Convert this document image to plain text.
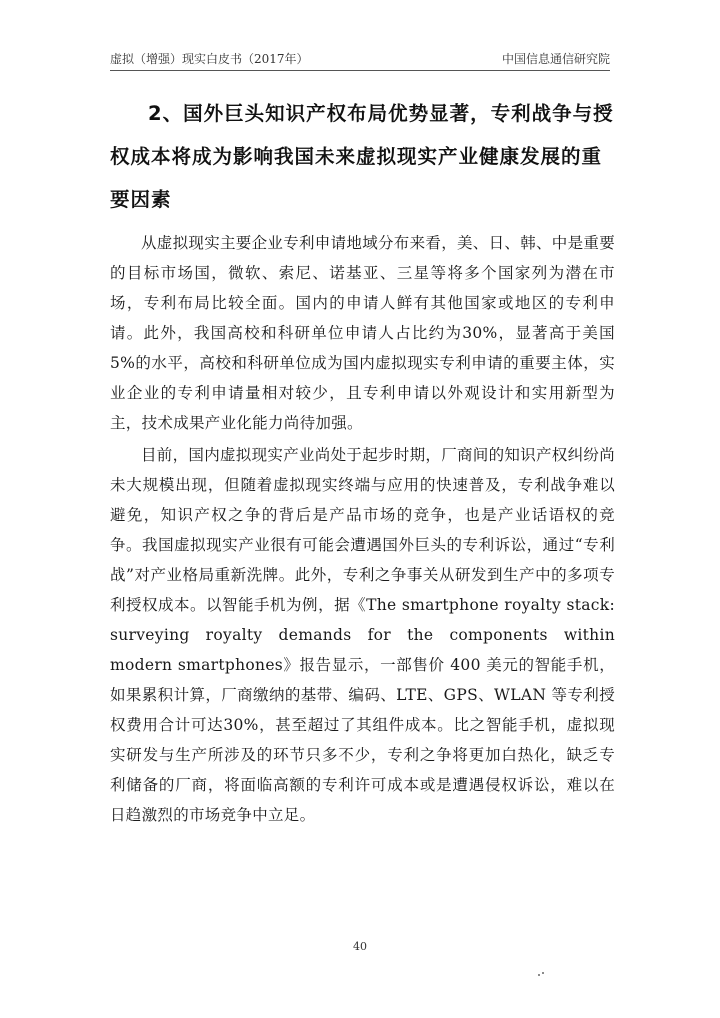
虚拟（增强）现实白皮书（2017年）	中国信息通信研究院
2、国外巨头知识产权布局优势显著，专利战争与授权成本将成为影响我国未来虚拟现实产业健康发展的重要因素

从虚拟现实主要企业专利申请地域分布来看，美、日、韩、中是重要的目标市场国，微软、索尼、诺基亚、三星等将多个国家列为潜在市场，专利布局比较全面。国内的申请人鲜有其他国家或地区的专利申请。此外，我国高校和科研单位申请人占比约为30%，显著高于美国 5%的水平，高校和科研单位成为国内虚拟现实专利申请的重要主体，实业企业的专利申请量相对较少，且专利申请以外观设计和实用新型为主，技术成果产业化能力尚待加强。

目前，国内虚拟现实产业尚处于起步时期，厂商间的知识产权纠纷尚未大规模出现，但随着虚拟现实终端与应用的快速普及，专利战争难以避免，知识产权之争的背后是产品市场的竞争，也是产业话语权的竞争。我国虚拟现实产业很有可能会遭遇国外巨头的专利诉讼，通过“专利战”对产业格局重新洗牌。此外，专利之争事关从研发到生产中的多项专利授权成本。以智能手机为例，据《The smartphone royalty stack: surveying royalty demands for the components within modern smartphones》报告显示，一部售价 400 美元的智能手机，如果累积计算，厂商缴纳的基带、编码、LTE、GPS、WLAN 等专利授权费用合计可达30%，甚至超过了其组件成本。比之智能手机，虚拟现实研发与生产所涉及的环节只多不少，专利之争将更加白热化，缺乏专利储备的厂商，将面临高额的专利许可成本或是遭遇侵权诉讼，难以在日趋激烈的市场竞争中立足。

40
